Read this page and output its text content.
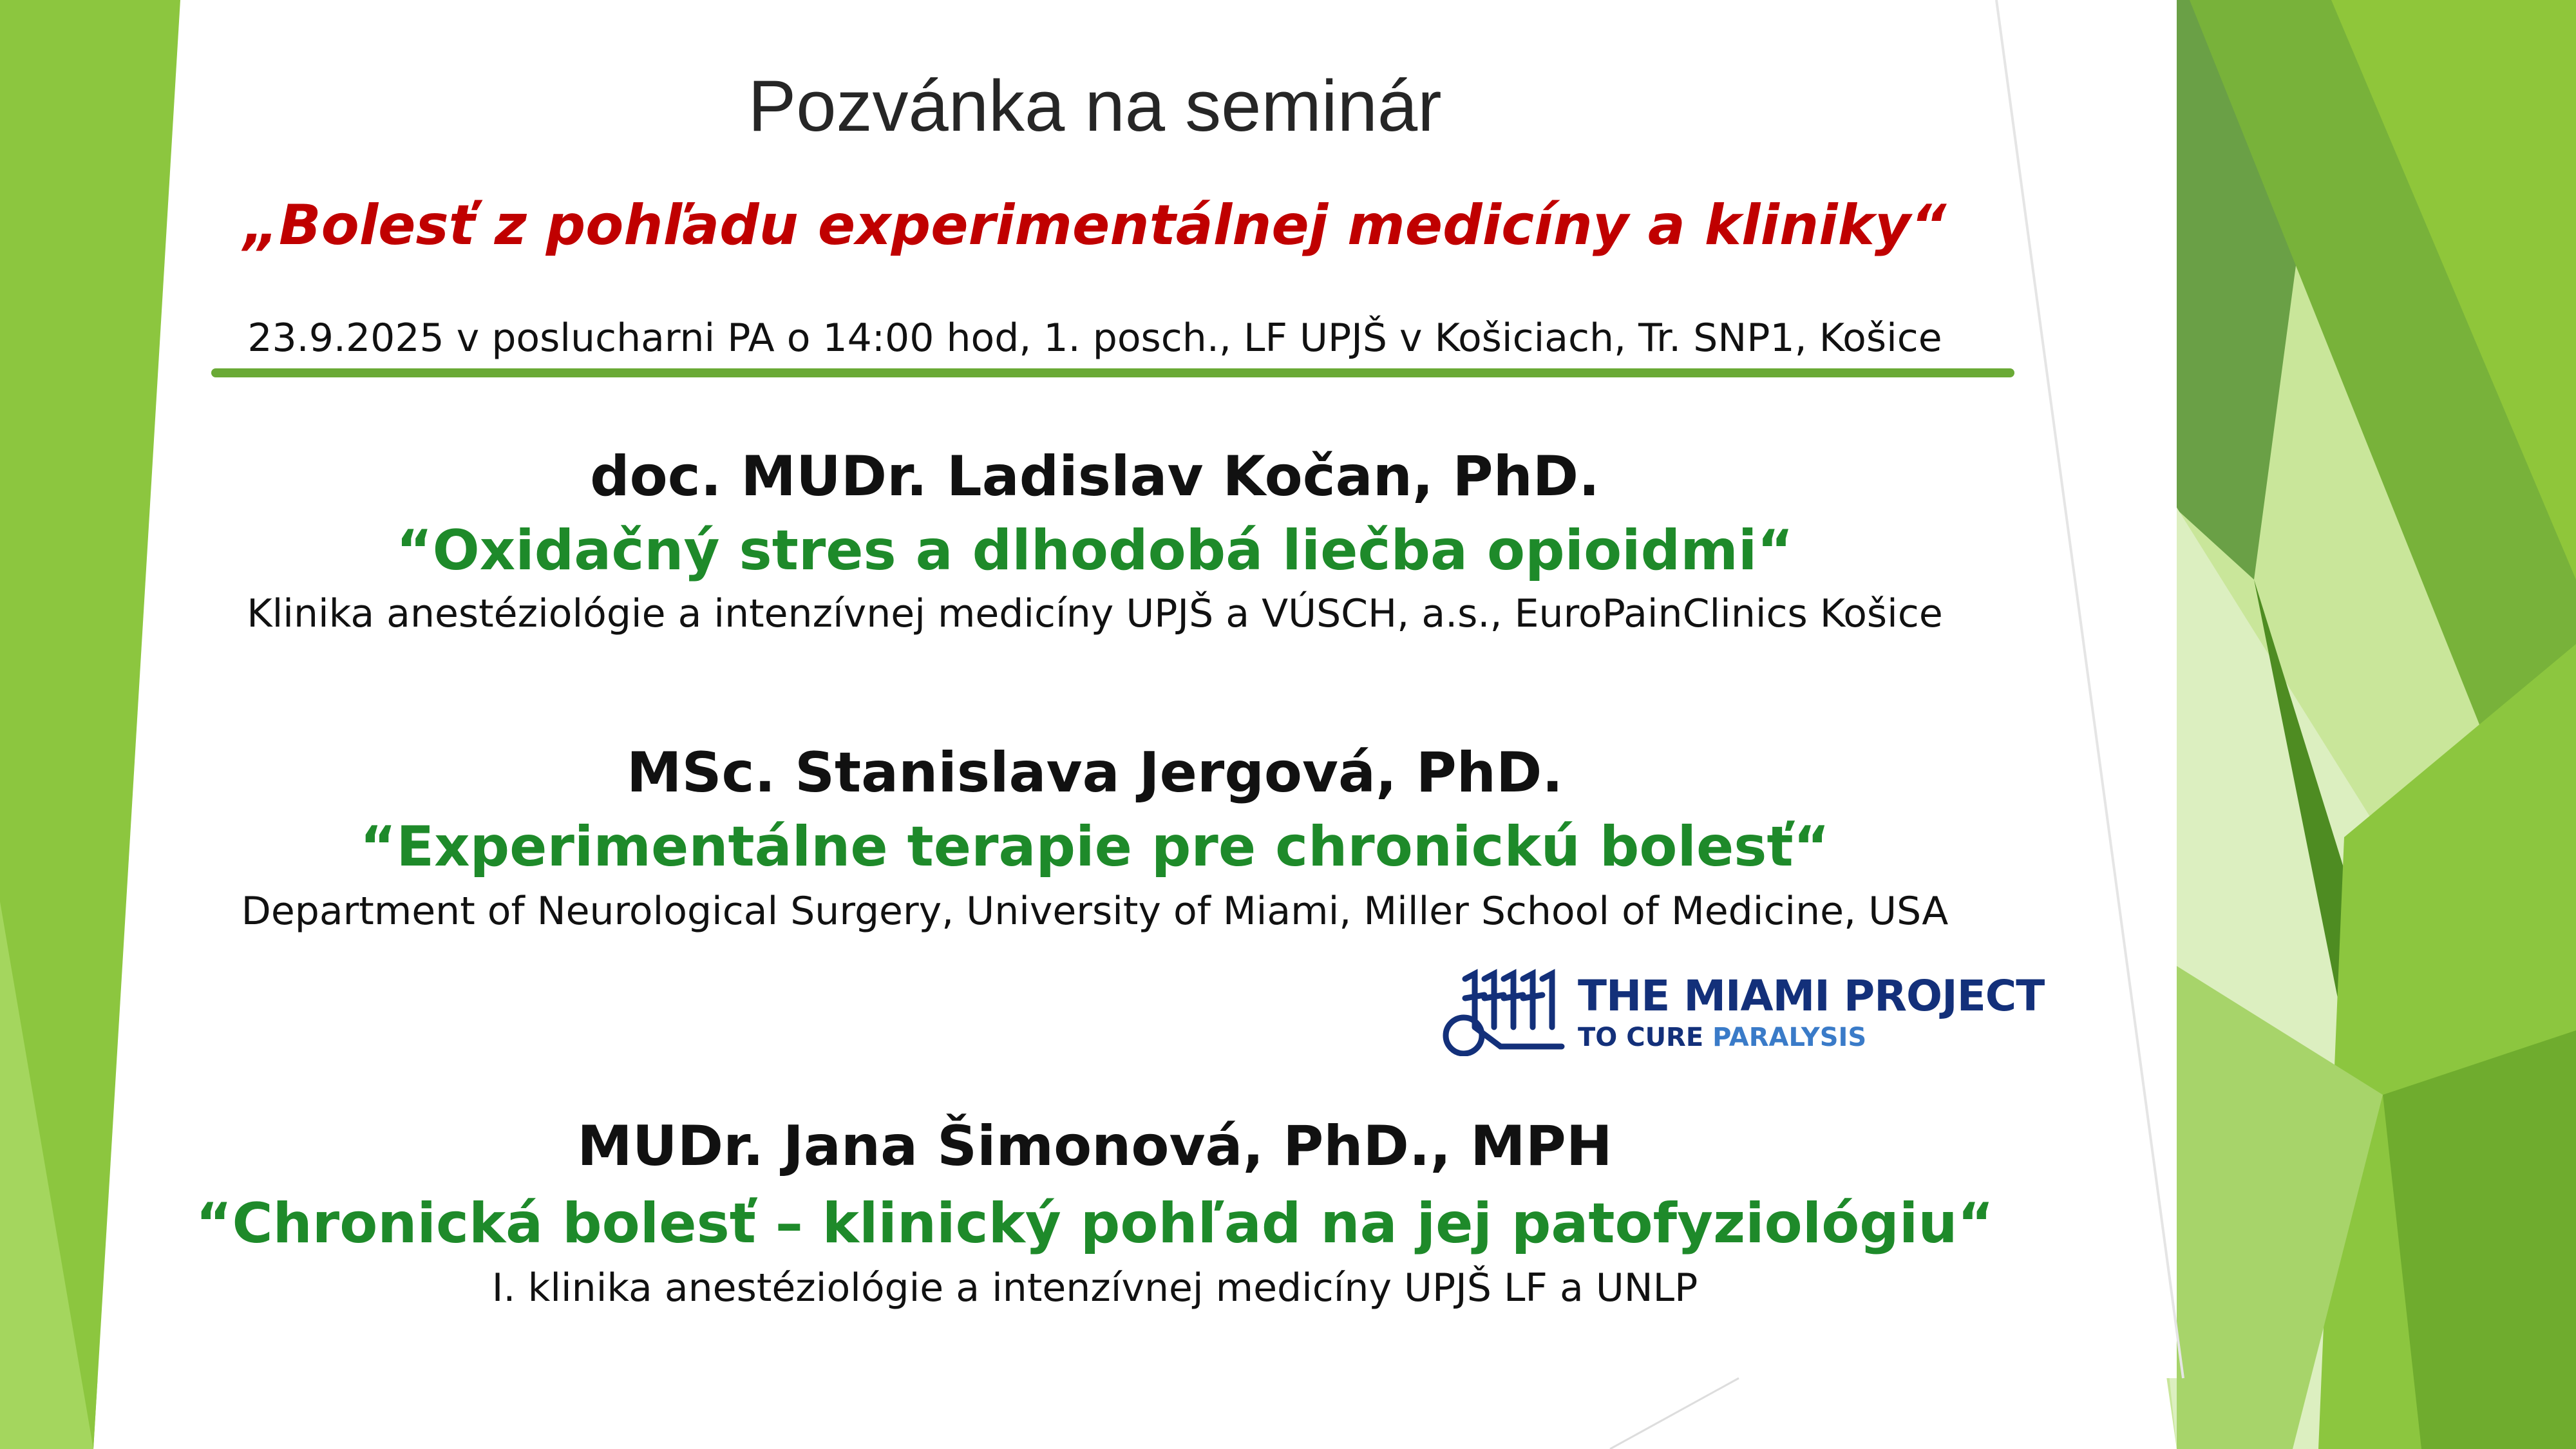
Pozvánka na seminár
„Bolesť z pohľadu experimentálnej medicíny a kliniky“
23.9.2025 v poslucharni PA o 14:00 hod, 1. posch., LF UPJŠ v Košiciach, Tr. SNP1, Košice
doc. MUDr. Ladislav Kočan, PhD.
“Oxidačný stres a dlhodobá liečba opioidmi“
Klinika anestéziológie a intenzívnej medicíny UPJŠ a VÚSCH, a.s., EuroPainClinics Košice
MSc. Stanislava Jergová, PhD.
“Experimentálne terapie pre chronickú bolesť“
Department of Neurological Surgery, University of Miami, Miller School of Medicine, USA
THE MIAMI PROJECT
TO CURE PARALYSIS
MUDr. Jana Šimonová, PhD., MPH
“Chronická bolesť – klinický pohľad na jej patofyziológiu“
I. klinika anestéziológie a intenzívnej medicíny UPJŠ LF a UNLP
